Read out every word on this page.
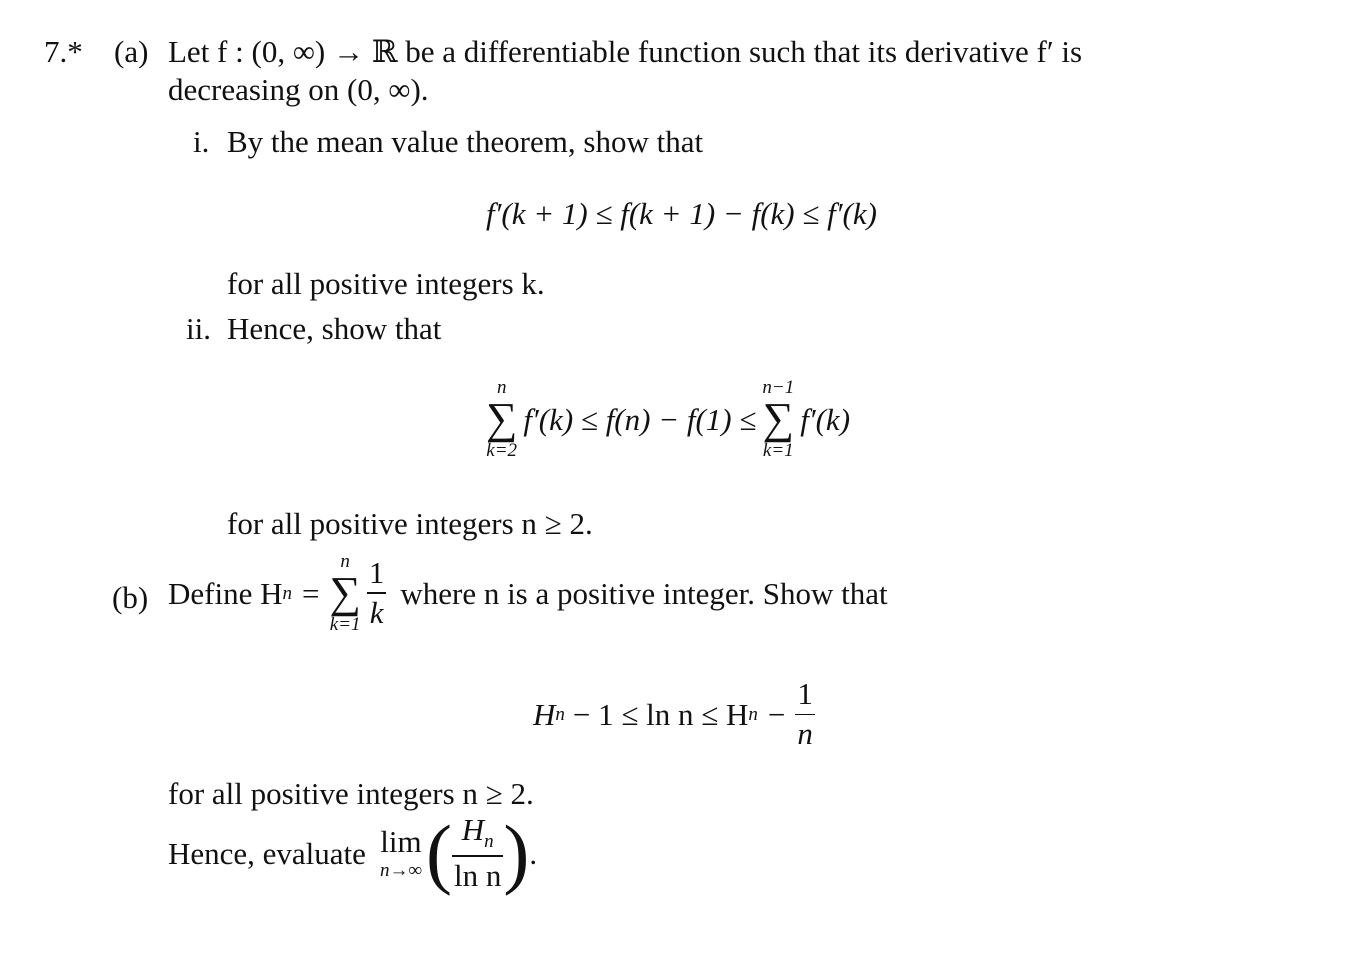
7.* (a) Let f : (0, ∞) → ℝ be a differentiable function such that its derivative f′ is
decreasing on (0, ∞).
i. By the mean value theorem, show that
f′(k + 1) ≤ f(k + 1) − f(k) ≤ f′(k)
for all positive integers k.
ii. Hence, show that
n
∑
k=2
f′(k) ≤ f(n) − f(1) ≤
n−1
∑
k=1
f′(k)
for all positive integers n ≥ 2.
(b) Define H n =
n
∑
$k=1 \frac{1}{k}$ where n is a positive integer. Show that
H n − 1 ≤ ln n ≤ H $n - \frac{1}{n}$
for all positive integers n ≥ 2.
Hence, evaluate lim
n→∞ ( $\frac{H_n}{\text{ln n}}$ ) .
